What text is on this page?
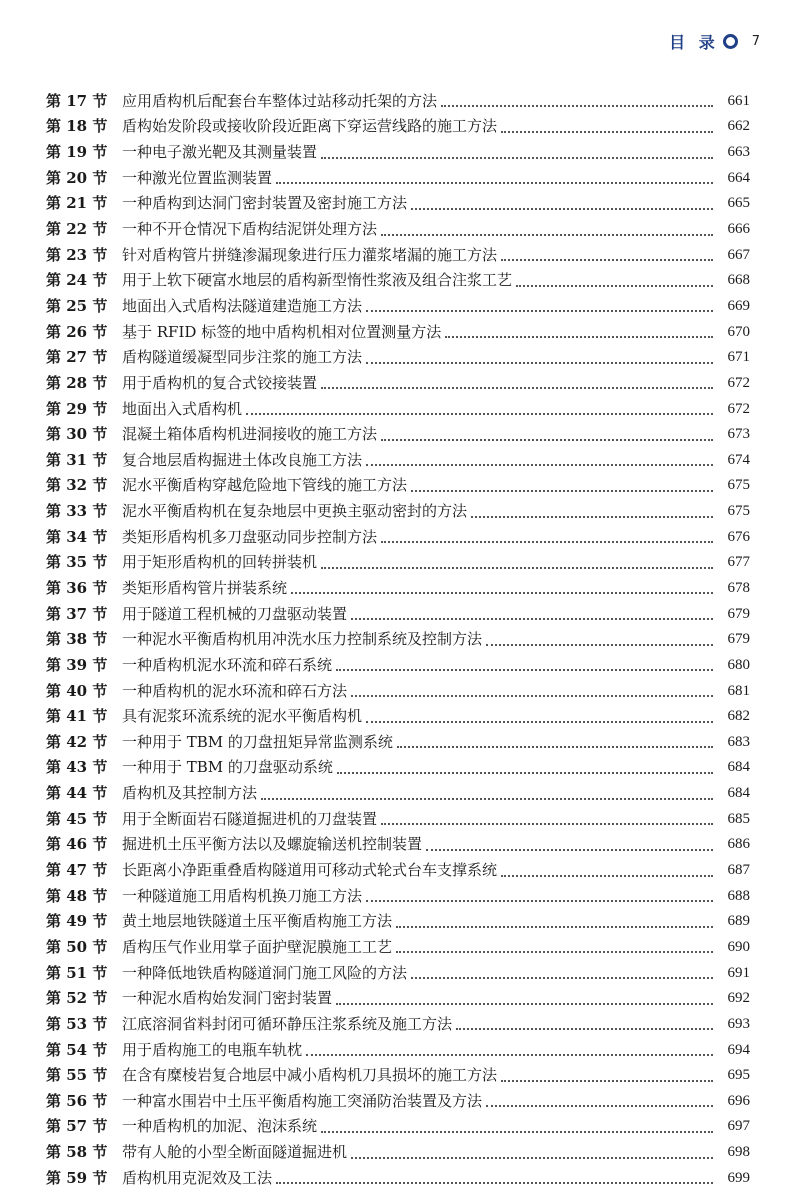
目 录	7
第 17 节 应用盾构机后配套台车整体过站移动托架的方法	661
第 18 节 盾构始发阶段或接收阶段近距离下穿运营线路的施工方法	662
第 19 节 一种电子激光靶及其测量装置	663
第 20 节 一种激光位置监测装置	664
第 21 节 一种盾构到达洞门密封装置及密封施工方法	665
第 22 节 一种不开仓情况下盾构结泥饼处理方法	666
第 23 节 针对盾构管片拼缝渗漏现象进行压力灌浆堵漏的施工方法	667
第 24 节 用于上软下硬富水地层的盾构新型惰性浆液及组合注浆工艺	668
第 25 节 地面出入式盾构法隧道建造施工方法	669
第 26 节 基于 RFID 标签的地中盾构机相对位置测量方法	670
第 27 节 盾构隧道缓凝型同步注浆的施工方法	671
第 28 节 用于盾构机的复合式铰接装置	672
第 29 节 地面出入式盾构机	672
第 30 节 混凝土箱体盾构机进洞接收的施工方法	673
第 31 节 复合地层盾构掘进土体改良施工方法	674
第 32 节 泥水平衡盾构穿越危险地下管线的施工方法	675
第 33 节 泥水平衡盾构机在复杂地层中更换主驱动密封的方法	675
第 34 节 类矩形盾构机多刀盘驱动同步控制方法	676
第 35 节 用于矩形盾构机的回转拼装机	677
第 36 节 类矩形盾构管片拼装系统	678
第 37 节 用于隧道工程机械的刀盘驱动装置	679
第 38 节 一种泥水平衡盾构机用冲洗水压力控制系统及控制方法	679
第 39 节 一种盾构机泥水环流和碎石系统	680
第 40 节 一种盾构机的泥水环流和碎石方法	681
第 41 节 具有泥浆环流系统的泥水平衡盾构机	682
第 42 节 一种用于 TBM 的刀盘扭矩异常监测系统	683
第 43 节 一种用于 TBM 的刀盘驱动系统	684
第 44 节 盾构机及其控制方法	684
第 45 节 用于全断面岩石隧道掘进机的刀盘装置	685
第 46 节 掘进机土压平衡方法以及螺旋输送机控制装置	686
第 47 节 长距离小净距重叠盾构隧道用可移动式轮式台车支撑系统	687
第 48 节 一种隧道施工用盾构机换刀施工方法	688
第 49 节 黄土地层地铁隧道土压平衡盾构施工方法	689
第 50 节 盾构压气作业用掌子面护壁泥膜施工工艺	690
第 51 节 一种降低地铁盾构隧道洞门施工风险的方法	691
第 52 节 一种泥水盾构始发洞门密封装置	692
第 53 节 江底溶洞省料封闭可循环静压注浆系统及施工方法	693
第 54 节 用于盾构施工的电瓶车轨枕	694
第 55 节 在含有糜棱岩复合地层中减小盾构机刀具损坏的施工方法	695
第 56 节 一种富水围岩中土压平衡盾构施工突涌防治装置及方法	696
第 57 节 一种盾构机的加泥、泡沫系统	697
第 58 节 带有人舱的小型全断面隧道掘进机	698
第 59 节 盾构机用克泥效及工法	699
